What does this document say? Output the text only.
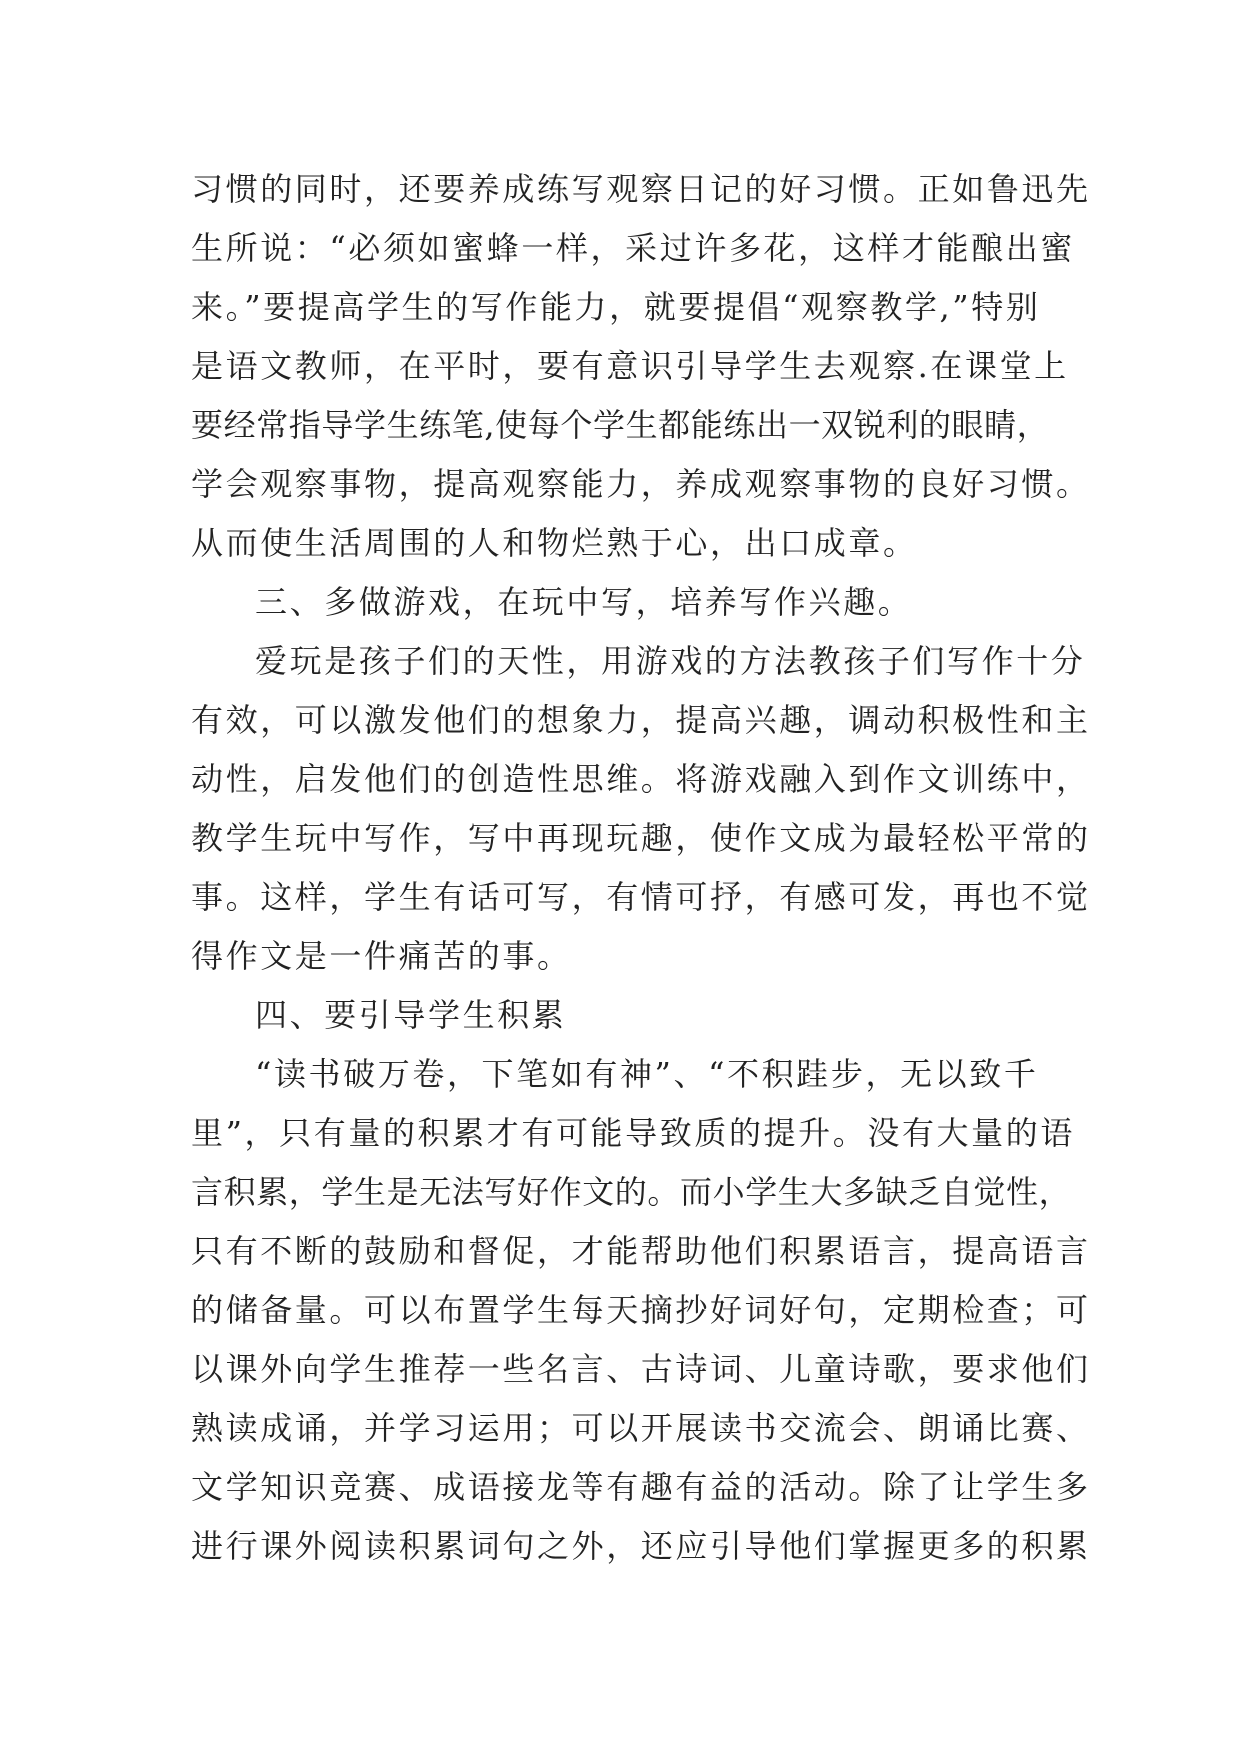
习惯的同时，还要养成练写观察日记的好习惯。正如鲁迅先
生所说：“必须如蜜蜂一样，采过许多花，这样才能酿出蜜
来。”要提高学生的写作能力，就要提倡“观察教学,”特别
是语文教师，在平时，要有意识引导学生去观察.在课堂上
要经常指导学生练笔,使每个学生都能练出一双锐利的眼睛，
学会观察事物，提高观察能力，养成观察事物的良好习惯。
从而使生活周围的人和物烂熟于心，出口成章。
三、多做游戏，在玩中写，培养写作兴趣。
爱玩是孩子们的天性，用游戏的方法教孩子们写作十分
有效，可以激发他们的想象力，提高兴趣，调动积极性和主
动性，启发他们的创造性思维。将游戏融入到作文训练中，
教学生玩中写作，写中再现玩趣，使作文成为最轻松平常的
事。这样，学生有话可写，有情可抒，有感可发，再也不觉
得作文是一件痛苦的事。
四、要引导学生积累
“读书破万卷，下笔如有神”、“不积跬步，无以致千
里”，只有量的积累才有可能导致质的提升。没有大量的语
言积累，学生是无法写好作文的。而小学生大多缺乏自觉性，
只有不断的鼓励和督促，才能帮助他们积累语言，提高语言
的储备量。可以布置学生每天摘抄好词好句，定期检查；可
以课外向学生推荐一些名言、古诗词、儿童诗歌，要求他们
熟读成诵，并学习运用；可以开展读书交流会、朗诵比赛、
文学知识竞赛、成语接龙等有趣有益的活动。除了让学生多
进行课外阅读积累词句之外，还应引导他们掌握更多的积累
